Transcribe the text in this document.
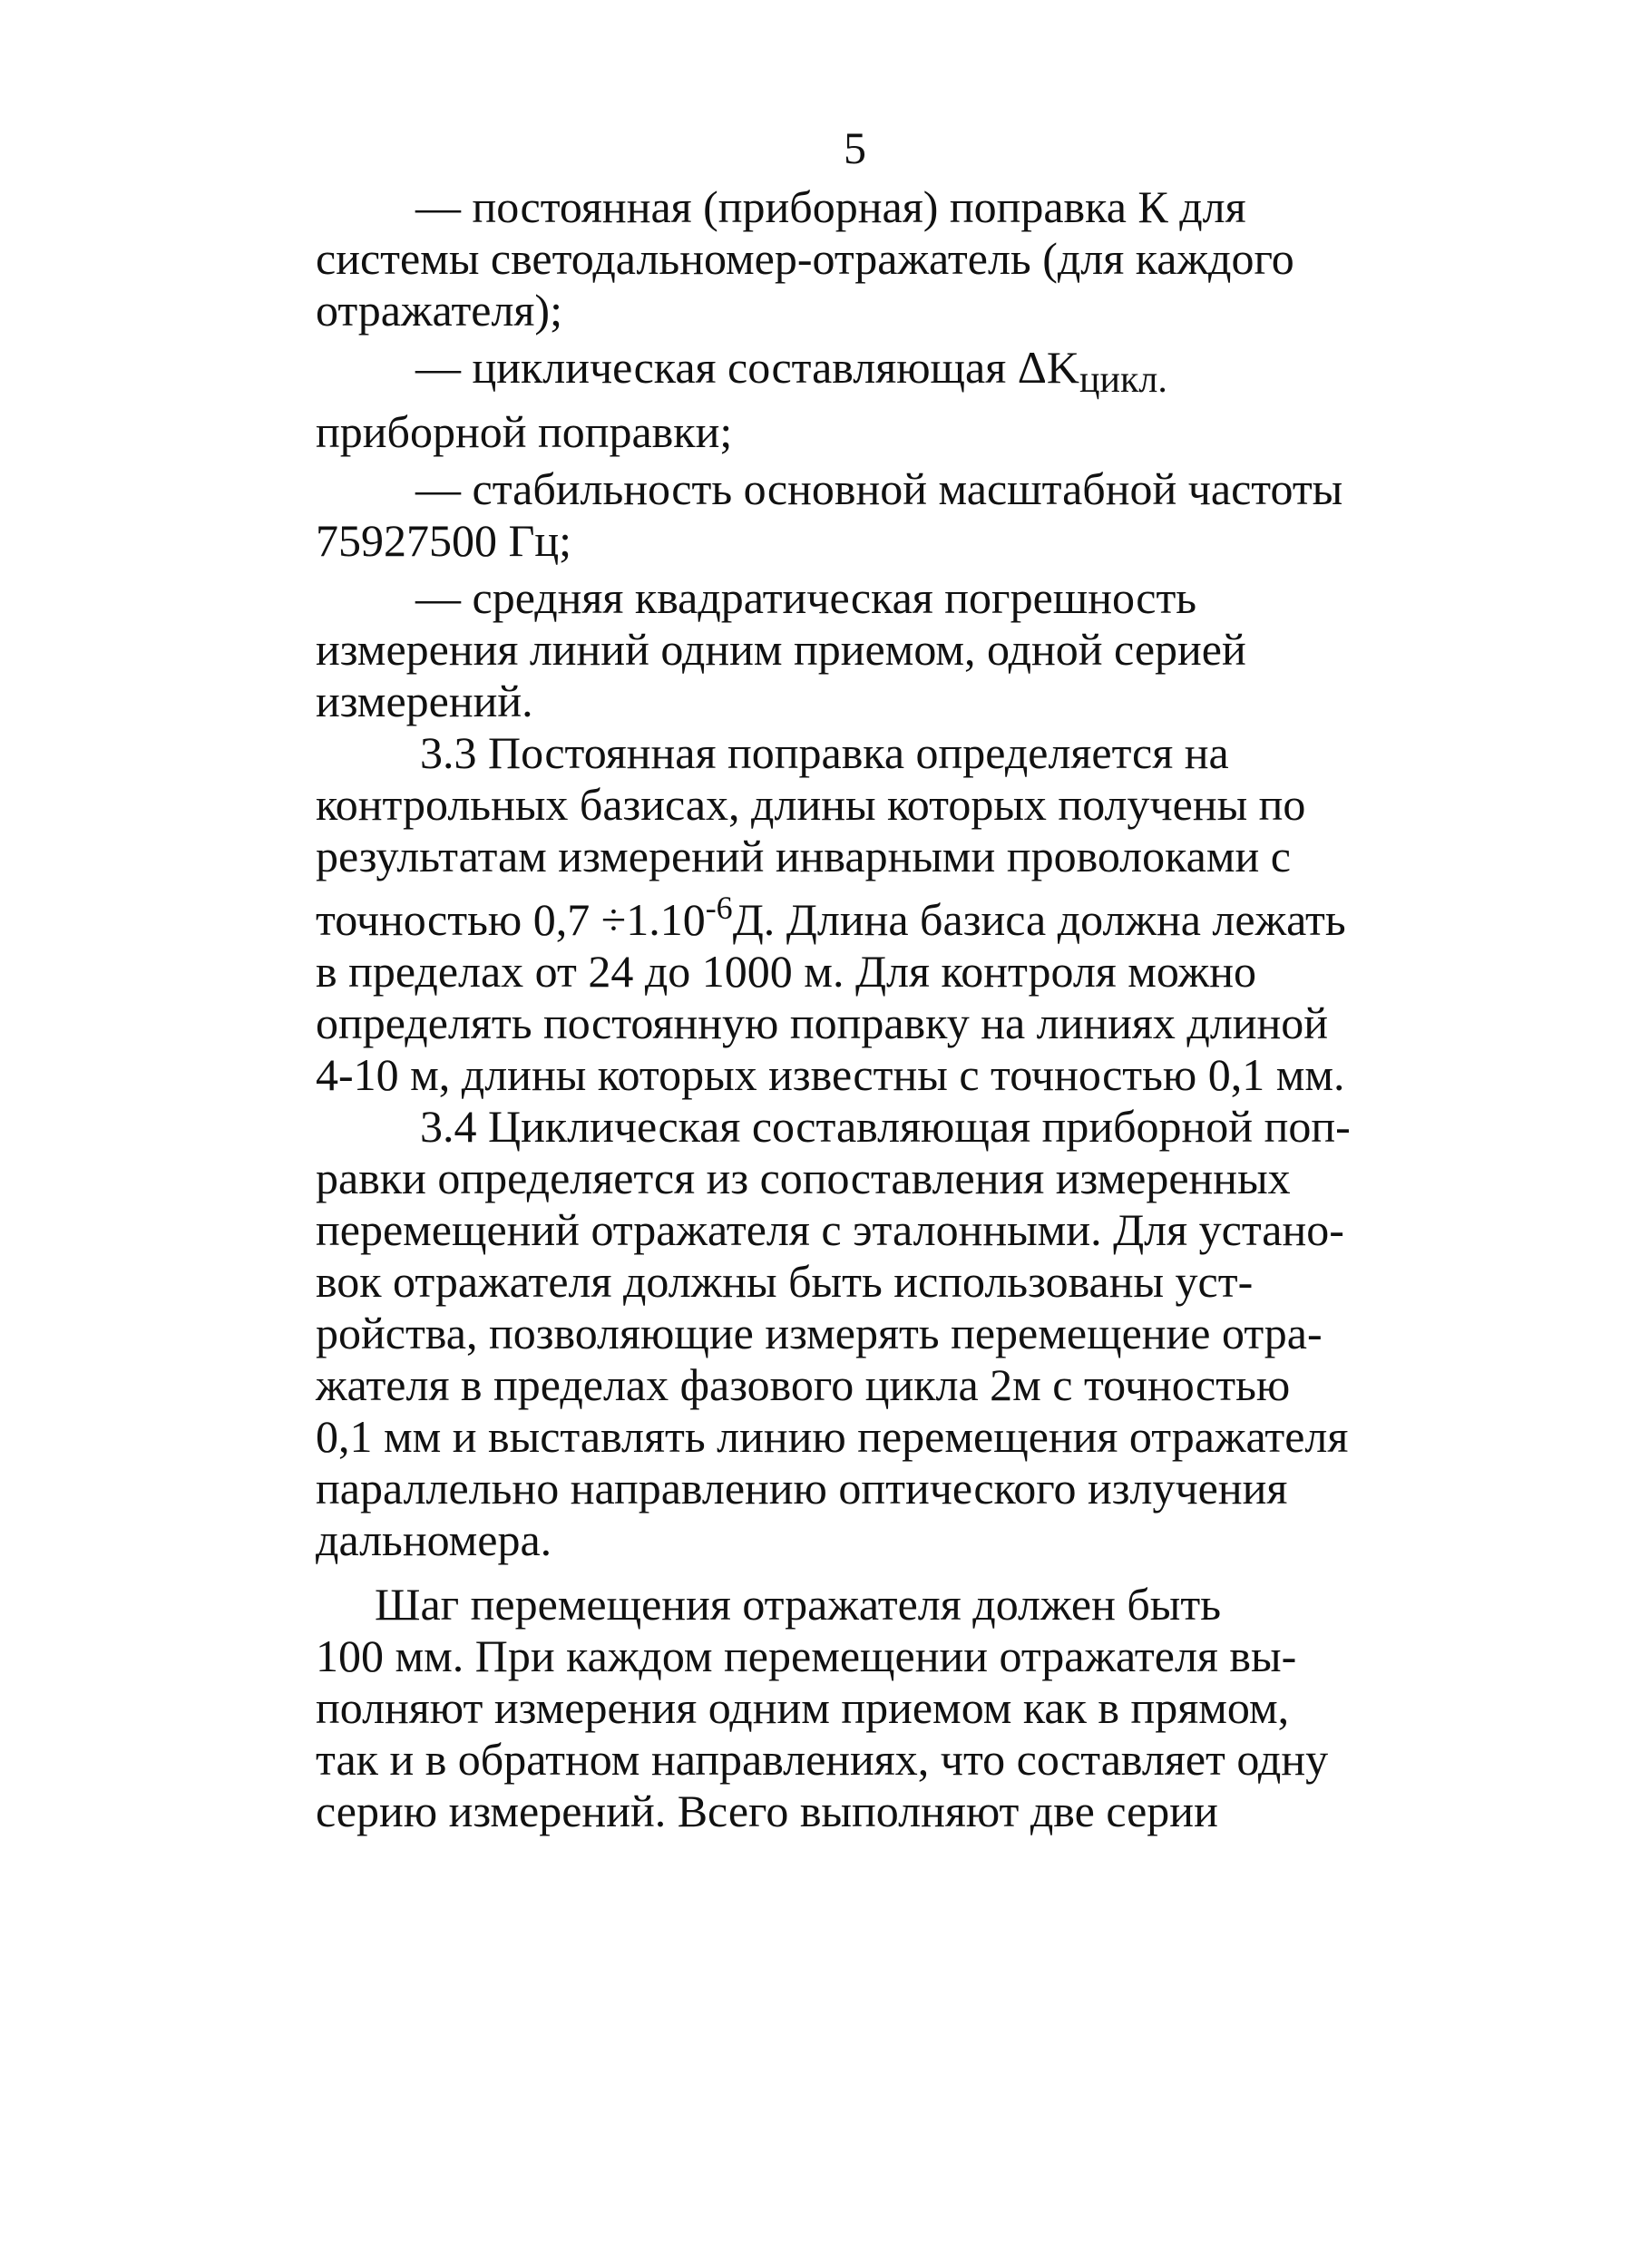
5

— постоянная (приборная) поправка К для
системы светодальномер-отражатель (для каждого
отражателя);

— циклическая составляющая $\Delta K_{цикл.}$
приборной поправки;

— стабильность основной масштабной частоты
75927500 Гц;

— средняя квадратическая погрешность
измерения линий одним приемом, одной серией
измерений.

3.3 Постоянная поправка определяется на
контрольных базисах, длины которых получены по
результатам измерений инварными проволоками с
точностью $0,7 \div 1.10^{-6}Д$. Длина базиса должна лежать
в пределах от 24 до 1000 м. Для контроля можно
определять постоянную поправку на линиях длиной
4-10 м, длины которых известны с точностью 0,1 мм.

3.4 Циклическая составляющая приборной поп-
равки определяется из сопоставления измеренных
перемещений отражателя с эталонными. Для устано-
вок отражателя должны быть использованы уст-
ройства, позволяющие измерять перемещение отра-
жателя в пределах фазового цикла 2м с точностью
0,1 мм и выставлять линию перемещения отражателя
параллельно направлению оптического излучения
дальномера.

Шаг перемещения отражателя должен быть
100 мм. При каждом перемещении отражателя вы-
полняют измерения одним приемом как в прямом,
так и в обратном направлениях, что составляет одну
серию измерений. Всего выполняют две серии
